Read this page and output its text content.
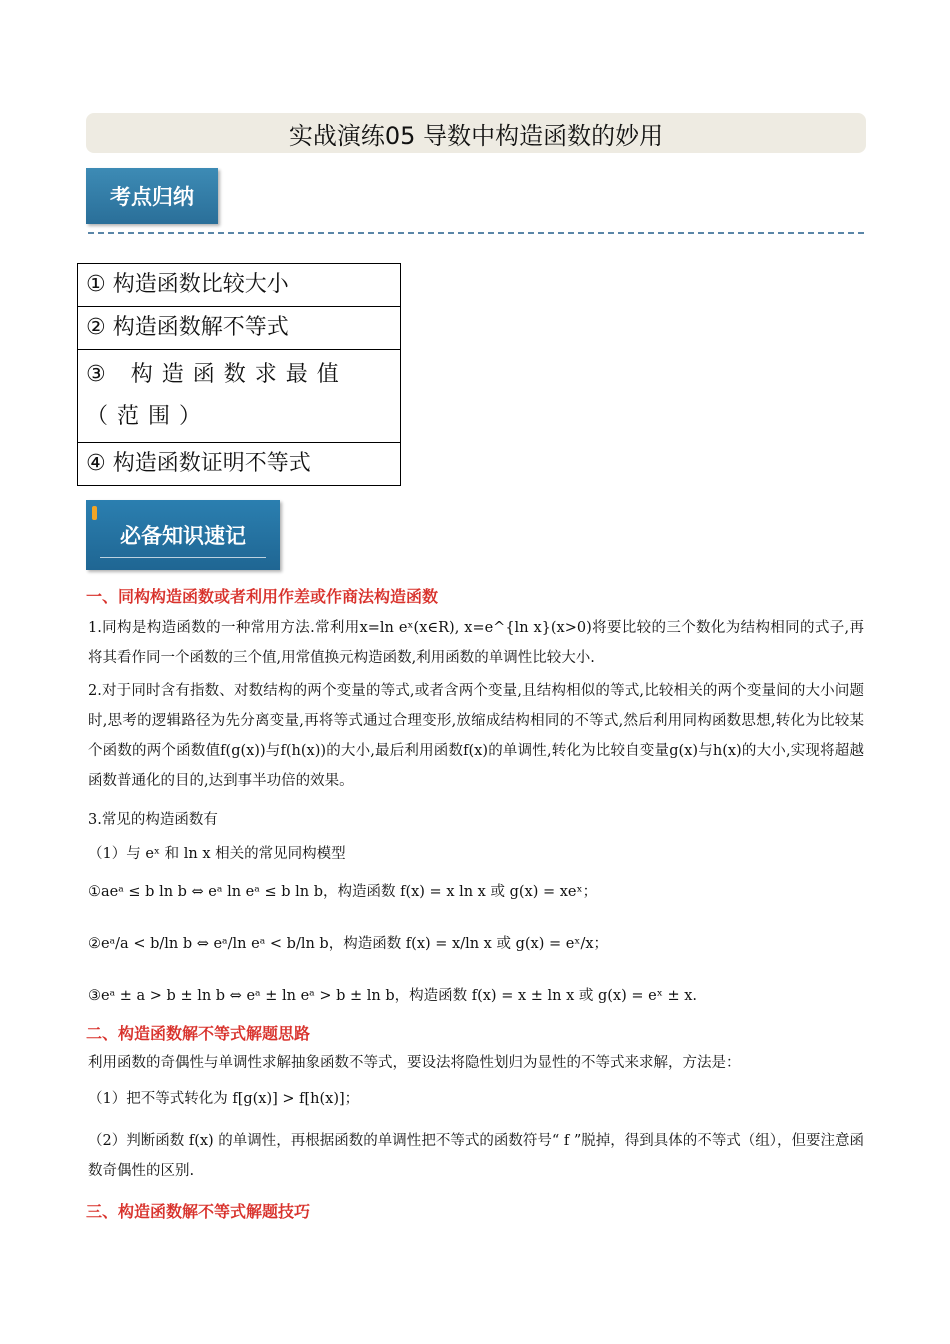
实战演练05 导数中构造函数的妙用
考点归纳
① 构造函数比较大小
② 构造函数解不等式
③ 构造函数求最值（范围）
④ 构造函数证明不等式
必备知识速记
一、同构构造函数或者利用作差或作商法构造函数
1.同构是构造函数的一种常用方法.常利用x=ln eˣ(x∈R), x=e^{ln x}(x>0)将要比较的三个数化为结构相同的式子,再将其看作同一个函数的三个值,用常值换元构造函数,利用函数的单调性比较大小.
2.对于同时含有指数、对数结构的两个变量的等式,或者含两个变量,且结构相似的等式,比较相关的两个变量间的大小问题时,思考的逻辑路径为先分离变量,再将等式通过合理变形,放缩成结构相同的不等式,然后利用同构函数思想,转化为比较某个函数的两个函数值f(g(x))与f(h(x))的大小,最后利用函数f(x)的单调性,转化为比较自变量g(x)与h(x)的大小,实现将超越函数普通化的目的,达到事半功倍的效果。
3.常见的构造函数有
（1）与 eˣ 和 ln x 相关的常见同构模型
①aeᵃ ≤ b ln b ⇔ eᵃ ln eᵃ ≤ b ln b，构造函数 f(x) = x ln x 或 g(x) = xeˣ；
②eᵃ/a < b/ln b ⇔ eᵃ/ln eᵃ < b/ln b，构造函数 f(x) = x/ln x 或 g(x) = eˣ/x；
③eᵃ ± a > b ± ln b ⇔ eᵃ ± ln eᵃ > b ± ln b，构造函数 f(x) = x ± ln x 或 g(x) = eˣ ± x.
二、构造函数解不等式解题思路
利用函数的奇偶性与单调性求解抽象函数不等式，要设法将隐性划归为显性的不等式来求解，方法是：
（1）把不等式转化为 f[g(x)] > f[h(x)]；
（2）判断函数 f(x) 的单调性，再根据函数的单调性把不等式的函数符号“ f ”脱掉，得到具体的不等式（组），但要注意函数奇偶性的区别.
三、构造函数解不等式解题技巧
